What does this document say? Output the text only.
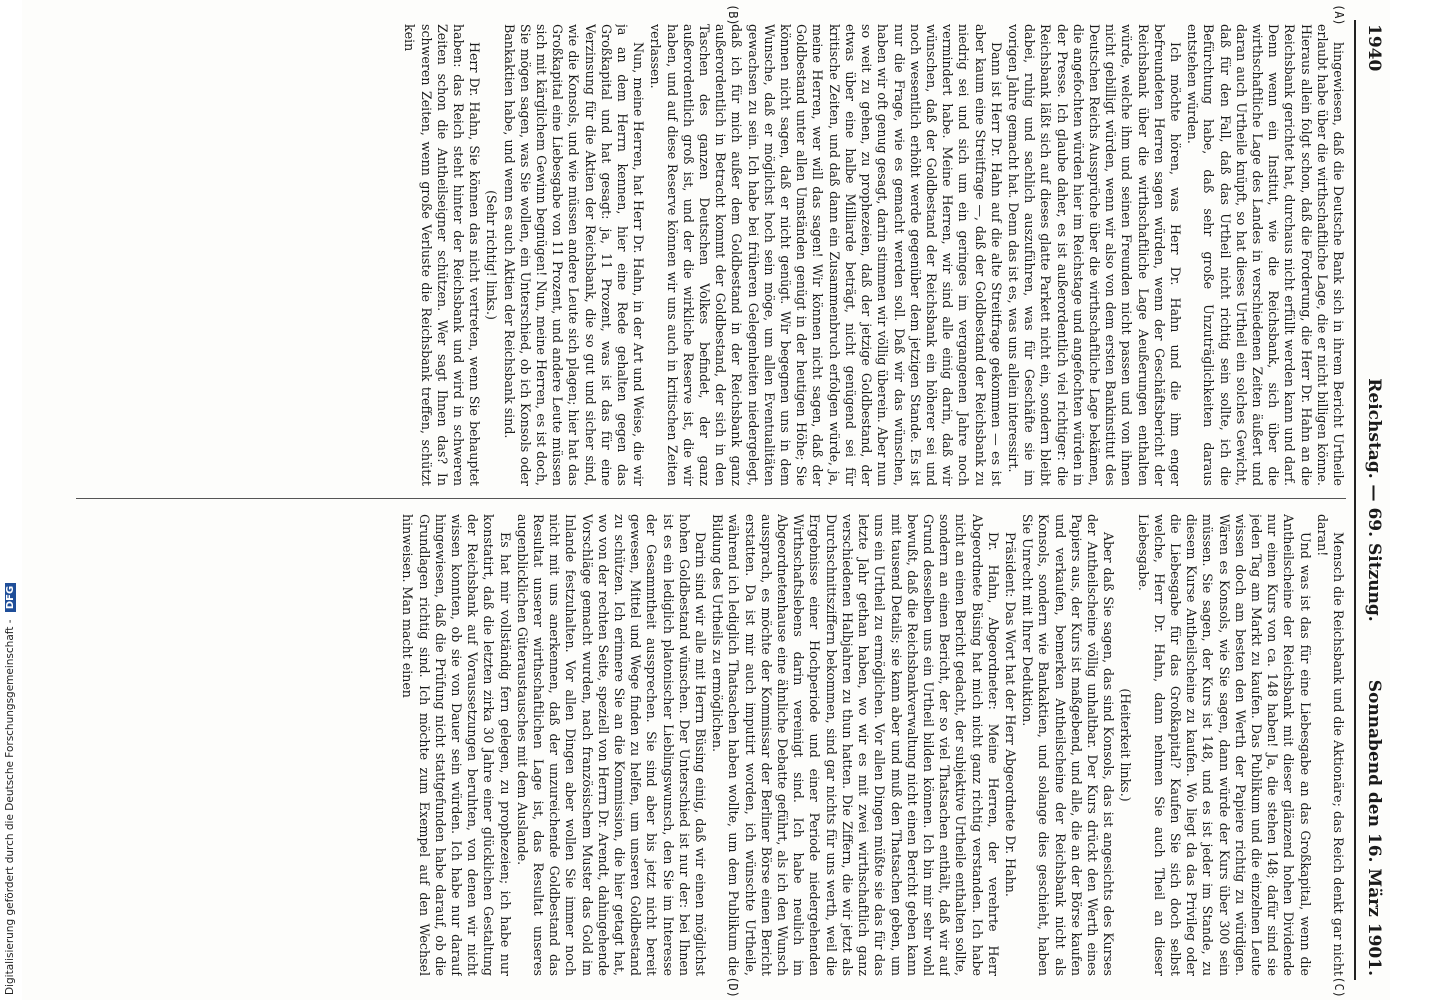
1940
Reichstag. — 69. Sitzung.
Sonnabend den 16. März 1901.
(A)
(B)
(C)
(D)

hingewiesen, daß die Deutsche Bank sich in ihrem Bericht Urtheile erlaubt habe über die wirthschaftliche Lage, die er nicht billigen könne. Hieraus allein folgt schon, daß die Forderung, die Herr Dr. Hahn an die Reichsbank gerichtet hat, durchaus nicht erfüllt werden kann und darf. Denn wenn ein Institut, wie die Reichsbank, sich über die wirthschaftliche Lage des Landes in verschiedenen Zeiten äußert und daran auch Urtheile knüpft, so hat dieses Urtheil ein solches Gewicht, daß für den Fall, daß das Urtheil nicht richtig sein sollte, ich die Befürchtung habe, daß sehr große Unzuträglichkeiten daraus entstehen würden.

Ich möchte hören, was Herr Dr. Hahn und die ihm enger befreundeten Herren sagen würden, wenn der Geschäftsbericht der Reichsbank über die wirthschaftliche Lage Aeußerungen enthalten würde, welche ihm und seinen Freunden nicht passen und von ihnen nicht gebilligt würden, wenn wir also von dem ersten Bankinstitut des Deutschen Reichs Aussprüche über die wirthschaftliche Lage bekämen, die angefochten würden hier im Reichstage und angefochten würden in der Presse. Ich glaube daher, es ist außerordentlich viel richtiger: die Reichsbank läßt sich auf dieses glatte Parkett nicht ein, sondern bleibt dabei, ruhig und sachlich auszuführen, was für Geschäfte sie im vorigen Jahre gemacht hat. Denn das ist es, was uns allein interessirt.

Dann ist Herr Dr. Hahn auf die alte Streitfrage gekommen — es ist aber kaum eine Streitfrage —, daß der Goldbestand der Reichsbank zu niedrig sei und sich um ein geringes im vergangenen Jahre noch vermindert habe. Meine Herren, wir sind alle einig darin, daß wir wünschen, daß der Goldbestand der Reichsbank ein höherer sei und noch wesentlich erhöht werde gegenüber dem jetzigen Stande. Es ist nur die Frage, wie es gemacht werden soll. Daß wir das wünschen, haben wir oft genug gesagt, darin stimmen wir völlig überein. Aber nun so weit zu gehen, zu prophezeien, daß der jetzige Goldbestand, der etwas über eine halbe Milliarde beträgt, nicht genügend sei für kritische Zeiten, und daß dann ein Zusammenbruch erfolgen würde, ja, meine Herren, wer will das sagen! Wir können nicht sagen, daß der Goldbestand unter allen Umständen genügt in der heutigen Höhe; Sie können nicht sagen, daß er nicht genügt. Wir begegnen uns in dem Wunsche, daß er möglichst hoch sein möge, um allen Eventualitäten gewachsen zu sein. Ich habe bei früheren Gelegenheiten niedergelegt, daß ich für mich außer dem Goldbestand in der Reichsbank ganz außerordentlich in Betracht kommt der Goldbestand, der sich in den Taschen des ganzen Deutschen Volkes befindet, der ganz außerordentlich groß ist, und der die wirkliche Reserve ist, die wir haben, und auf diese Reserve können wir uns auch in kritischen Zeiten verlassen.

Nun, meine Herren, hat Herr Dr. Hahn, in der Art und Weise, die wir ja an dem Herrn kennen, hier eine Rede gehalten gegen das Großkapital und hat gesagt: ja, 11 Prozent, was ist das für eine Verzinsung für die Aktien der Reichsbank, die so gut und sicher sind, wie die Konsols, und wie müssen andere Leute sich plagen; hier hat das Großkapital eine Liebesgabe von 11 Prozent, und andere Leute müssen sich mit kärglichem Gewinn begnügen! Nun, meine Herren, es ist doch, Sie mögen sagen, was Sie wollen, ein Unterschied, ob ich Konsols oder Bankaktien habe, und wenn es auch Aktien der Reichsbank sind.

(Sehr richtig! links.)

Herr Dr. Hahn, Sie können das nicht vertreten, wenn Sie behauptet haben: das Reich steht hinter der Reichsbank und wird in schweren Zeiten schon die Antheilseigner schützen. Wer sagt Ihnen das? In schweren Zeiten, wenn große Verluste die Reichsbank treffen, schützt kein

Mensch die Reichsbank und die Aktionäre; das Reich denkt gar nicht daran!

Und was ist das für eine Liebesgabe an das Großkapital, wenn die Antheilscheine der Reichsbank mit dieser glänzend hohen Dividende nur einen Kurs von ca. 148 haben! Ja, die stehen 148; dafür sind sie jeden Tag am Markt zu kaufen. Das Publikum und die einzelnen Leute wissen doch am besten den Werth der Papiere richtig zu würdigen. Wären es Konsols, wie Sie sagen, dann würde der Kurs über 300 sein müssen. Sie sagen, der Kurs ist 148, und es ist jeder im Stande, zu diesem Kurse Antheilscheine zu kaufen. Wo liegt da das Privileg oder die Liebesgabe für das Großkapital? Kaufen Sie sich doch selbst welche, Herr Dr. Hahn, dann nehmen Sie auch Theil an dieser Liebesgabe.

(Heiterkeit links.)

Aber daß Sie sagen, das sind Konsols, das ist angesichts des Kurses der Antheilscheine völlig unhaltbar. Der Kurs drückt den Werth eines Papiers aus, der Kurs ist maßgebend, und alle, die an der Börse kaufen und verkaufen, bemerken Antheilscheine der Reichsbank nicht als Konsols, sondern wie Bankaktien, und solange dies geschieht, haben Sie Unrecht mit Ihrer Deduktion.

Präsident: Das Wort hat der Herr Abgeordnete Dr. Hahn.

Dr. Hahn, Abgeordneter: Meine Herren, der verehrte Herr Abgeordnete Büsing hat mich nicht ganz richtig verstanden. Ich habe nicht an einen Bericht gedacht, der subjektive Urtheile enthalten sollte, sondern an einen Bericht, der so viel Thatsachen enthält, daß wir auf Grund desselben uns ein Urtheil bilden können. Ich bin mir sehr wohl bewußt, daß die Reichsbankverwaltung nicht einen Bericht geben kann mit tausend Details; sie kann aber und muß den Thatsachen geben, um uns ein Urtheil zu ermöglichen. Vor allen Dingen müßte sie das für das letzte Jahr gethan haben, wo wir es mit zwei wirthschaftlich ganz verschiedenen Halbjahren zu thun hatten. Die Ziffern, die wir jetzt als Durchschnittsziffern bekommen, sind gar nichts für uns werth, weil die Ergebnisse einer Hochperiode und einer Periode niedergehenden Wirthschaftslebens darin vereinigt sind. Ich habe neulich im Abgeordnetenhause eine ähnliche Debatte geführt, als ich den Wunsch aussprach, es möchte der Kommissar der Berliner Börse einen Bericht erstatten. Da ist mir auch imputirt worden, ich wünschte Urtheile, während ich lediglich Thatsachen haben wollte, um dem Publikum die Bildung des Urtheils zu ermöglichen.

Darin sind wir alle mit Herrn Büsing einig, daß wir einen möglichst hohen Goldbestand wünschen. Der Unterschied ist nur der: bei Ihnen ist es ein lediglich platonischer Lieblingswunsch, den Sie im Interesse der Gesammtheit aussprechen. Sie sind aber bis jetzt nicht bereit gewesen, Mittel und Wege finden zu helfen, um unseren Goldbestand zu schützen. Ich erinnere Sie an die Kommission, die hier getagt hat, wo von der rechten Seite, speziell von Herrn Dr. Arendt, dahingehende Vorschläge gemacht wurden, nach französischem Muster das Gold im Inlande festzuhalten. Vor allen Dingen aber wollen Sie immer noch nicht mit uns anerkennen, daß der unzureichende Goldbestand das Resultat unserer wirthschaftlichen Lage ist, das Resultat unseres augenblicklichen Güteraustausches mit dem Auslande.

Es hat mir vollständig fern gelegen, zu prophezeien; ich habe nur konstatirt, daß die letzten zirka 30 Jahre einer glücklichen Gestaltung der Reichsbank auf Voraussetzungen beruhten, von denen wir nicht wissen konnten, ob sie von Dauer sein würden. Ich habe nur darauf hingewiesen, daß die Prüfung nicht stattgefunden habe darauf, ob die Grundlagen richtig sind. Ich möchte zum Exempel auf den Wechsel hinweisen. Man macht einen

Digitalisierung gefördert durch die Deutsche Forschungsgemeinschaft - DFG
